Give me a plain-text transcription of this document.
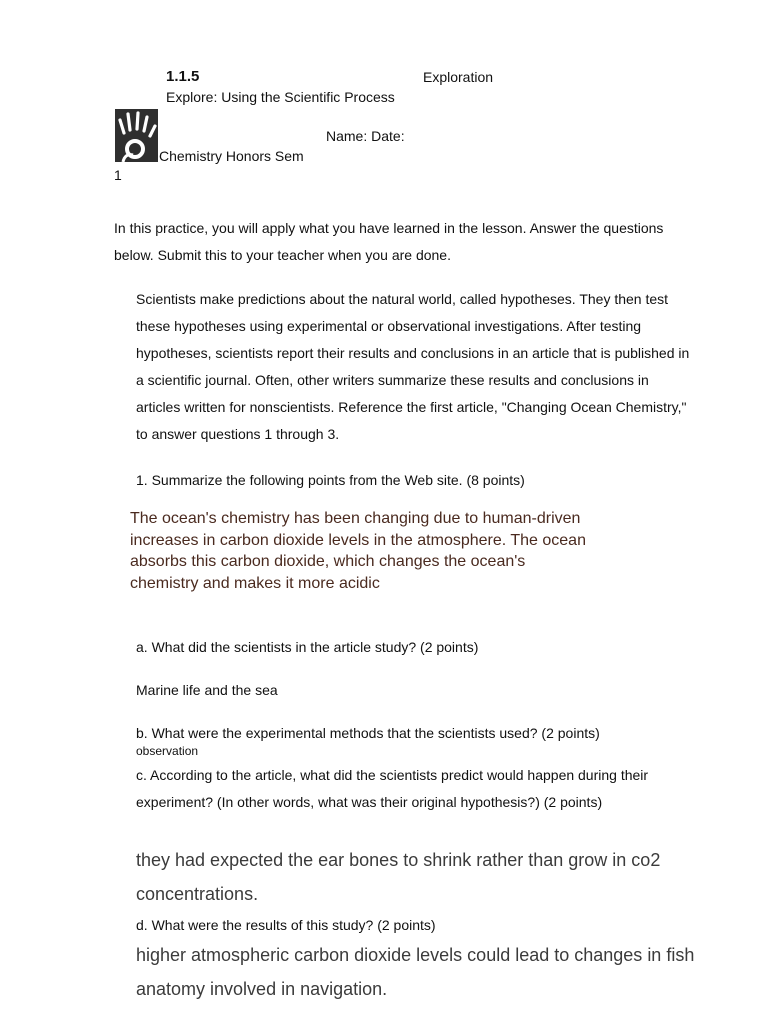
1.1.5	Exploration
Explore: Using the Scientific Process
Name: Date:
Chemistry Honors Sem
1
In this practice, you will apply what you have learned in the lesson. Answer the questions below. Submit this to your teacher when you are done.
Scientists make predictions about the natural world, called hypotheses. They then test these hypotheses using experimental or observational investigations. After testing hypotheses, scientists report their results and conclusions in an article that is published in a scientific journal. Often, other writers summarize these results and conclusions in articles written for nonscientists. Reference the first article, "Changing Ocean Chemistry," to answer questions 1 through 3.
1. Summarize the following points from the Web site. (8 points)
The ocean's chemistry has been changing due to human-driven increases in carbon dioxide levels in the atmosphere. The ocean absorbs this carbon dioxide, which changes the ocean's chemistry and makes it more acidic
a. What did the scientists in the article study? (2 points)
Marine life and the sea
b. What were the experimental methods that the scientists used? (2 points)
observation
c. According to the article, what did the scientists predict would happen during their experiment? (In other words, what was their original hypothesis?) (2 points)
they had expected the ear bones to shrink rather than grow in co2 concentrations.
d. What were the results of this study? (2 points)
higher atmospheric carbon dioxide levels could lead to changes in fish anatomy involved in navigation.
